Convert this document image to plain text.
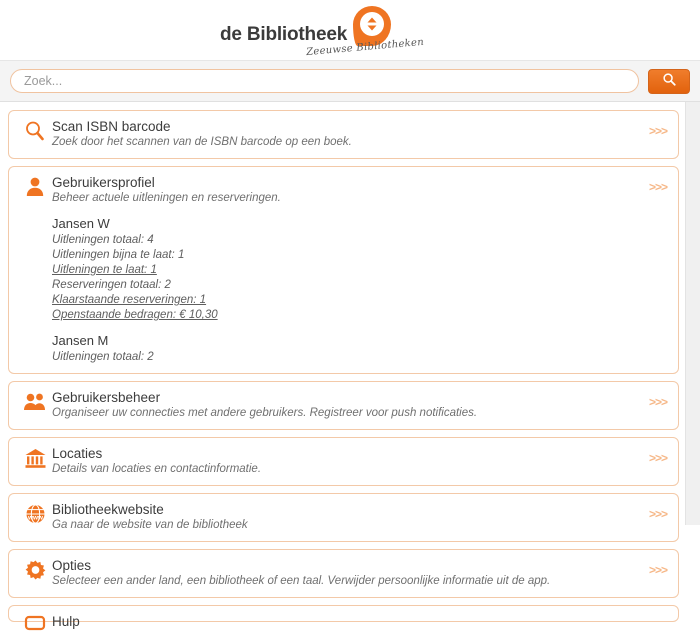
de Bibliotheek
Zeeuwse Bibliotheken
Zoek...
Scan ISBN barcode
Zoek door het scannen van de ISBN barcode op een boek.
>>>
Gebruikersprofiel
Beheer actuele uitleningen en reserveringen.
>>>
Jansen W
Uitleningen totaal: 4
Uitleningen bijna te laat: 1
Uitleningen te laat: 1
Reserveringen totaal: 2
Klaarstaande reserveringen: 1
Openstaande bedragen: € 10,30
Jansen M
Uitleningen totaal: 2
Gebruikersbeheer
Organiseer uw connecties met andere gebruikers. Registreer voor push notificaties.
>>>
Locaties
Details van locaties en contactinformatie.
>>>
www
Bibliotheekwebsite
Ga naar de website van de bibliotheek
>>>
Opties
Selecteer een ander land, een bibliotheek of een taal. Verwijder persoonlijke informatie uit de app.
>>>
Hulp
